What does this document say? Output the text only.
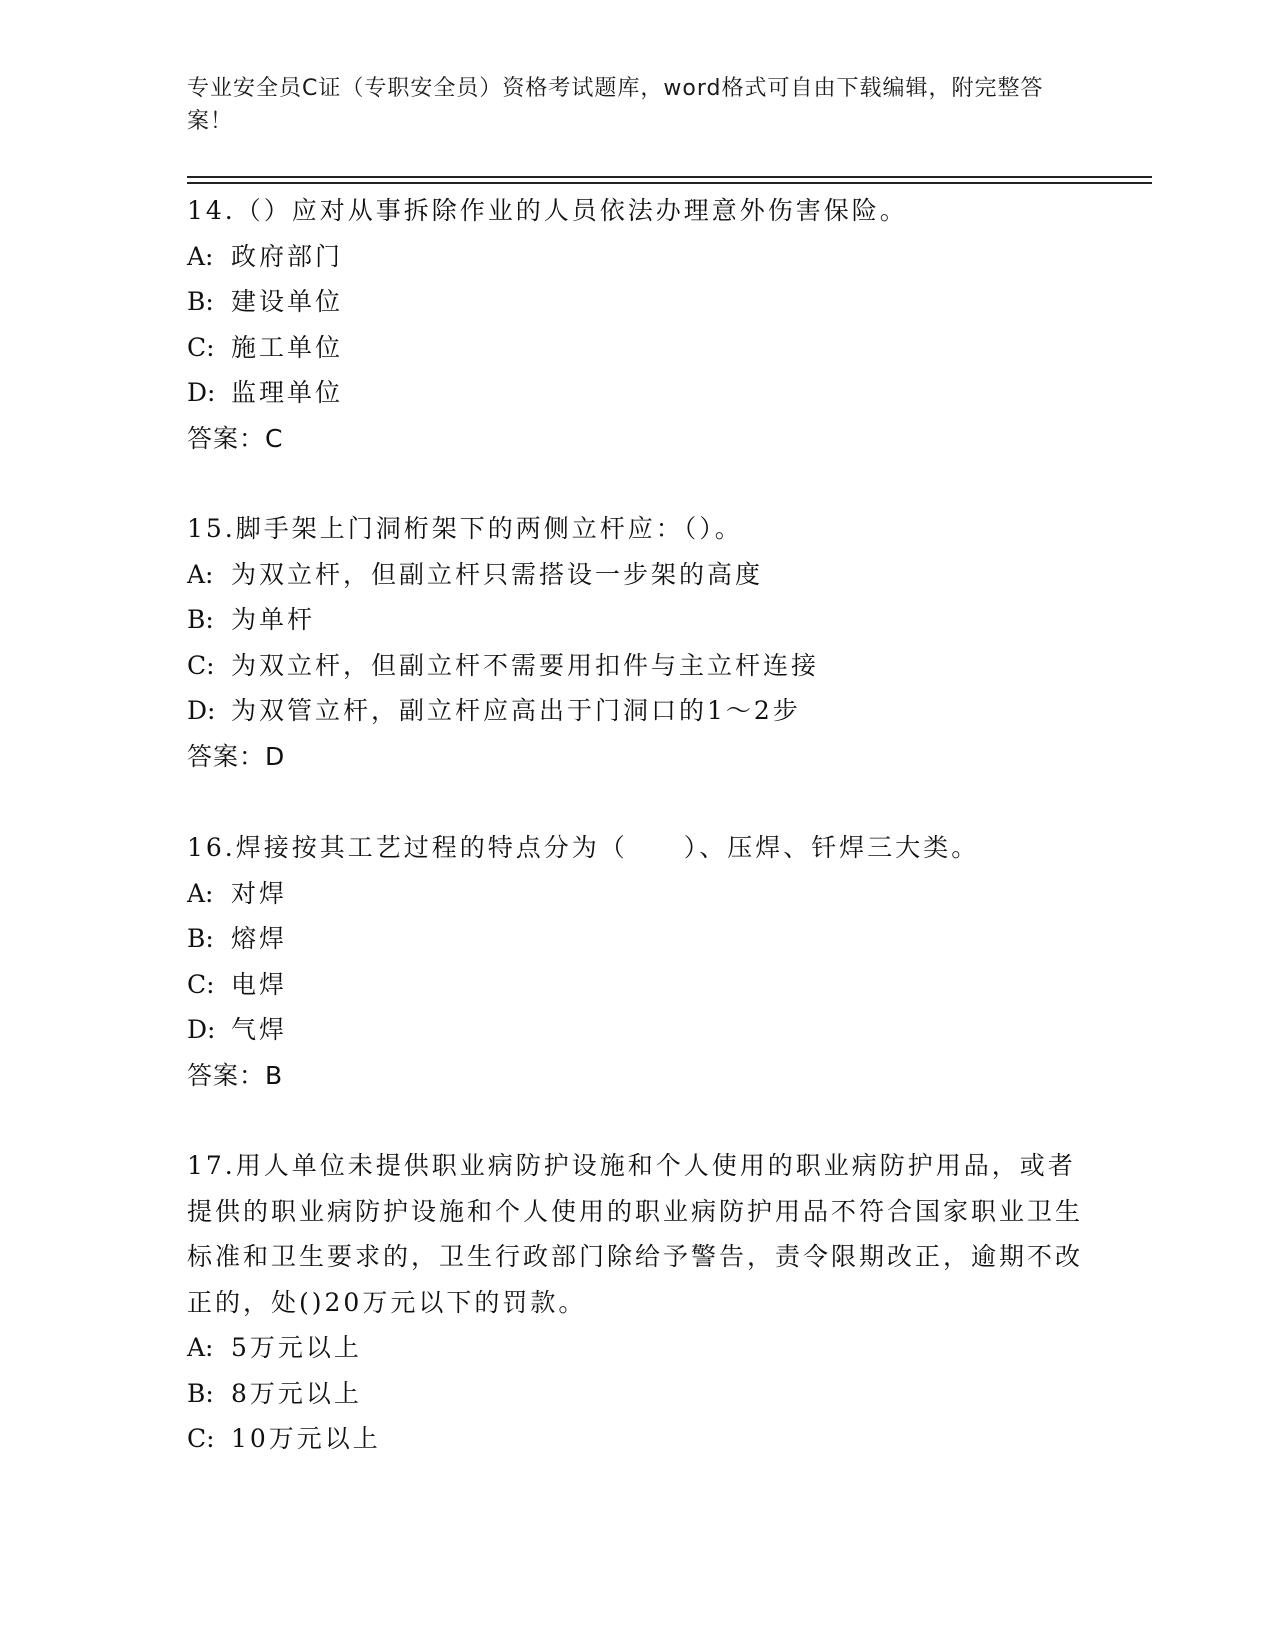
专业安全员C证（专职安全员）资格考试题库，word格式可自由下载编辑，附完整答案！

14.（）应对从事拆除作业的人员依法办理意外伤害保险。

A: 政府部门

B: 建设单位

C: 施工单位

D: 监理单位

答案：C

15.脚手架上门洞桁架下的两侧立杆应：（）。

A: 为双立杆，但副立杆只需搭设一步架的高度

B: 为单杆

C: 为双立杆，但副立杆不需要用扣件与主立杆连接

D: 为双管立杆，副立杆应高出于门洞口的1～2步

答案：D

16.焊接按其工艺过程的特点分为（　　）、压焊、钎焊三大类。

A: 对焊

B: 熔焊

C: 电焊

D: 气焊

答案：B

17.用人单位未提供职业病防护设施和个人使用的职业病防护用品，或者提供的职业病防护设施和个人使用的职业病防护用品不符合国家职业卫生标准和卫生要求的，卫生行政部门除给予警告，责令限期改正，逾期不改正的，处()20万元以下的罚款。

A: 5万元以上

B: 8万元以上

C: 10万元以上
